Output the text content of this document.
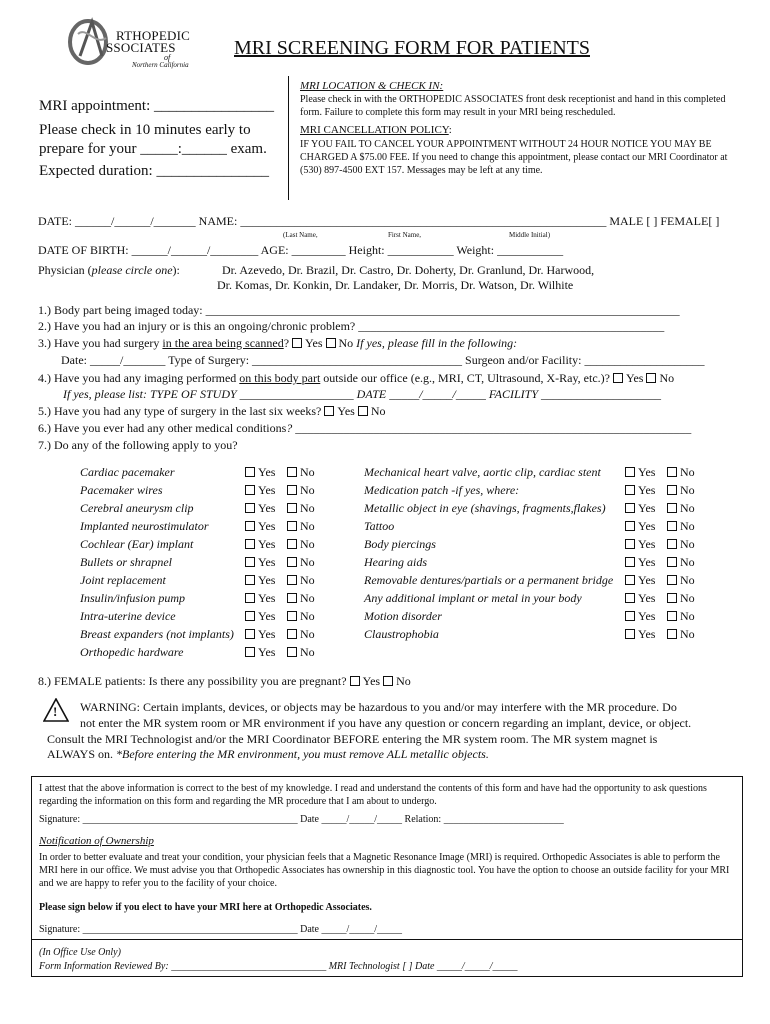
RTHOPEDIC
SSOCIATES
of
Northern California
MRI SCREENING FORM FOR PATIENTS
MRI appointment: ________________
Please check in 10 minutes early to
prepare for your _____:______ exam.
Expected duration: _______________
MRI LOCATION & CHECK IN:
Please check in with the ORTHOPEDIC ASSOCIATES front desk receptionist and hand in this completed form. Failure to complete this form may result in your MRI being rescheduled.
MRI CANCELLATION POLICY:
IF YOU FAIL TO CANCEL YOUR APPOINTMENT WITHOUT 24 HOUR NOTICE YOU MAY BE CHARGED A $75.00 FEE. If you need to change this appointment, please contact our MRI Coordinator at (530) 897-4500 EXT 157. Messages may be left at any time.
DATE: ______/______/_______ NAME: _____________________________________________________________ MALE [ ] FEMALE[ ]
(Last Name,	First Name,	Middle Initial)
DATE OF BIRTH: ______/______/________ AGE: _________ Height: ___________ Weight: ___________
Physician (please circle one):	Dr. Azevedo, Dr. Brazil, Dr. Castro, Dr. Doherty, Dr. Granlund, Dr. Harwood,
Dr. Komas, Dr. Konkin, Dr. Landaker, Dr. Morris, Dr. Watson, Dr. Wilhite
1.) Body part being imaged today: _______________________________________________________________________________
2.) Have you had an injury or is this an ongoing/chronic problem? ___________________________________________________
3.) Have you had surgery in the area being scanned? Yes No If yes, please fill in the following:
Date: _____/_______ Type of Surgery: ___________________________________ Surgeon and/or Facility: ____________________
4.) Have you had any imaging performed on this body part outside our office (e.g., MRI, CT, Ultrasound, X-Ray, etc.)? Yes No
If yes, please list: TYPE OF STUDY ___________________ DATE _____/_____/_____ FACILITY ____________________
5.) Have you had any type of surgery in the last six weeks? Yes No
6.) Have you ever had any other medical conditions? __________________________________________________________________
7.) Do any of the following apply to you?
Cardiac pacemaker	Yes	No
Pacemaker wires	Yes	No
Cerebral aneurysm clip	Yes	No
Implanted neurostimulator	Yes	No
Cochlear (Ear) implant	Yes	No
Bullets or shrapnel	Yes	No
Joint replacement	Yes	No
Insulin/infusion pump	Yes	No
Intra-uterine device	Yes	No
Breast expanders (not implants)	Yes	No
Orthopedic hardware	Yes	No
Mechanical heart valve, aortic clip, cardiac stent	Yes	No
Medication patch -if yes, where:	Yes	No
Metallic object in eye (shavings, fragments,flakes)	Yes	No
Tattoo	Yes	No
Body piercings	Yes	No
Hearing aids	Yes	No
Removable dentures/partials or a permanent bridge	Yes	No
Any additional implant or metal in your body	Yes	No
Motion disorder	Yes	No
Claustrophobia	Yes	No
8.) FEMALE patients: Is there any possibility you are pregnant? Yes No
! WARNING: Certain implants, devices, or objects may be hazardous to you and/or may interfere with the MR procedure. Do
not enter the MR system room or MR environment if you have any question or concern regarding an implant, device, or object.
Consult the MRI Technologist and/or the MRI Coordinator BEFORE entering the MR system room. The MR system magnet is
ALWAYS on. *Before entering the MR environment, you must remove ALL metallic objects.
I attest that the above information is correct to the best of my knowledge. I read and understand the contents of this form and have had the opportunity to ask questions regarding the information on this form and regarding the MR procedure that I am about to undergo.
Signature: ___________________________________________ Date _____/_____/_____ Relation: ________________________
Notification of Ownership
In order to better evaluate and treat your condition, your physician feels that a Magnetic Resonance Image (MRI) is required. Orthopedic Associates is able to perform the MRI here in our office. We must advise you that Orthopedic Associates has ownership in this diagnostic tool. You have the option to choose an outside facility for your MRI and we are happy to refer you to the facility of your choice.
Please sign below if you elect to have your MRI here at Orthopedic Associates.
Signature: ___________________________________________ Date _____/_____/_____
(In Office Use Only)
Form Information Reviewed By: _______________________________ MRI Technologist [ ] Date _____/_____/_____
